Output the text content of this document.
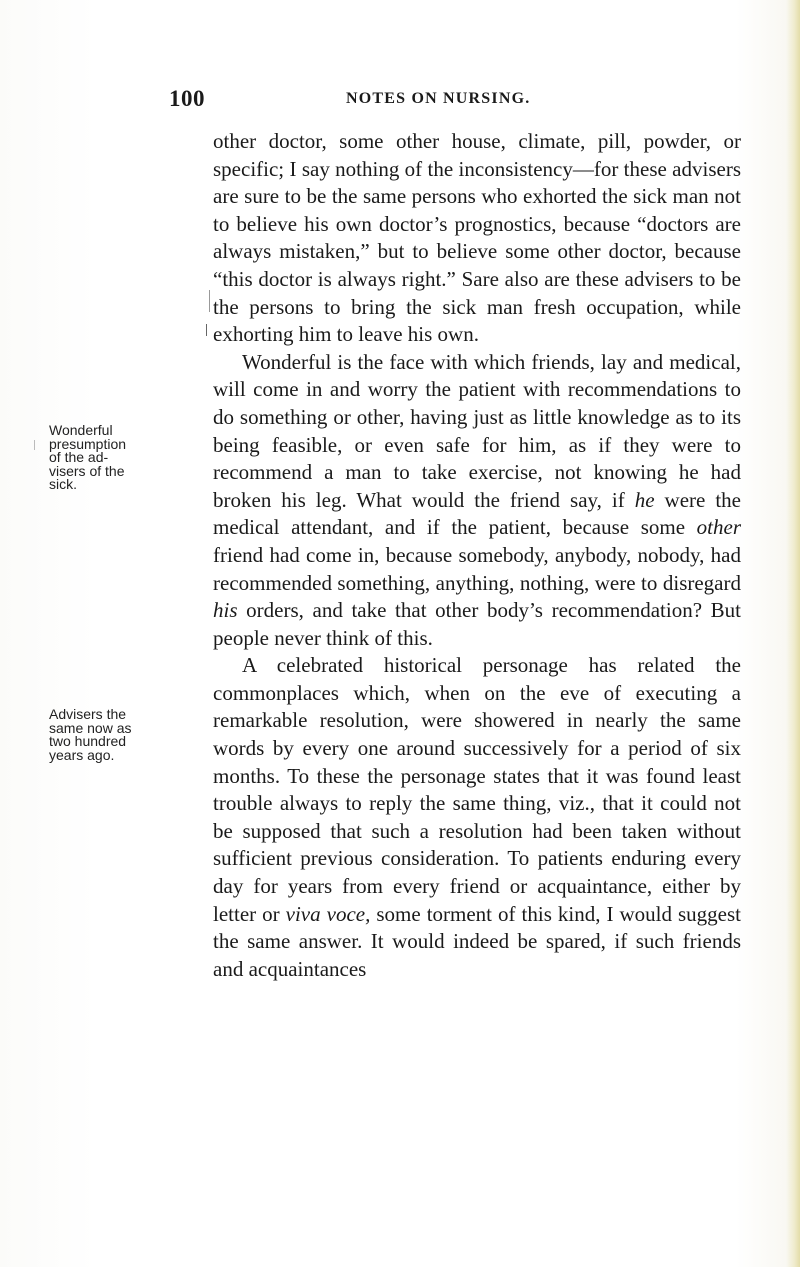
100	NOTES ON NURSING.
Wonderful
presumption
of the ad-
visers of the
sick.
Advisers the
same now as
two hundred
years ago.

other doctor, some other house, climate, pill, powder, or specific; I say nothing of the inconsistency—for these advisers are sure to be the same persons who exhorted the sick man not to believe his own doctor’s prognostics, because “doctors are always mistaken,” but to believe some other doctor, because “this doctor is always right.” Sare also are these advisers to be the persons to bring the sick man fresh occupation, while exhorting him to leave his own.

Wonderful is the face with which friends, lay and medical, will come in and worry the patient with recommendations to do something or other, having just as little knowledge as to its being feasible, or even safe for him, as if they were to recommend a man to take exercise, not knowing he had broken his leg. What would the friend say, if he were the medical attendant, and if the patient, because some other friend had come in, because somebody, anybody, nobody, had recommended something, anything, nothing, were to disregard his orders, and take that other body’s recommendation? But people never think of this.

A celebrated historical personage has related the commonplaces which, when on the eve of executing a remarkable resolution, were showered in nearly the same words by every one around successively for a period of six months. To these the personage states that it was found least trouble always to reply the same thing, viz., that it could not be supposed that such a resolution had been taken without sufficient previous consideration. To patients enduring every day for years from every friend or acquaintance, either by letter or viva voce, some torment of this kind, I would suggest the same answer. It would indeed be spared, if such friends and acquaintances
